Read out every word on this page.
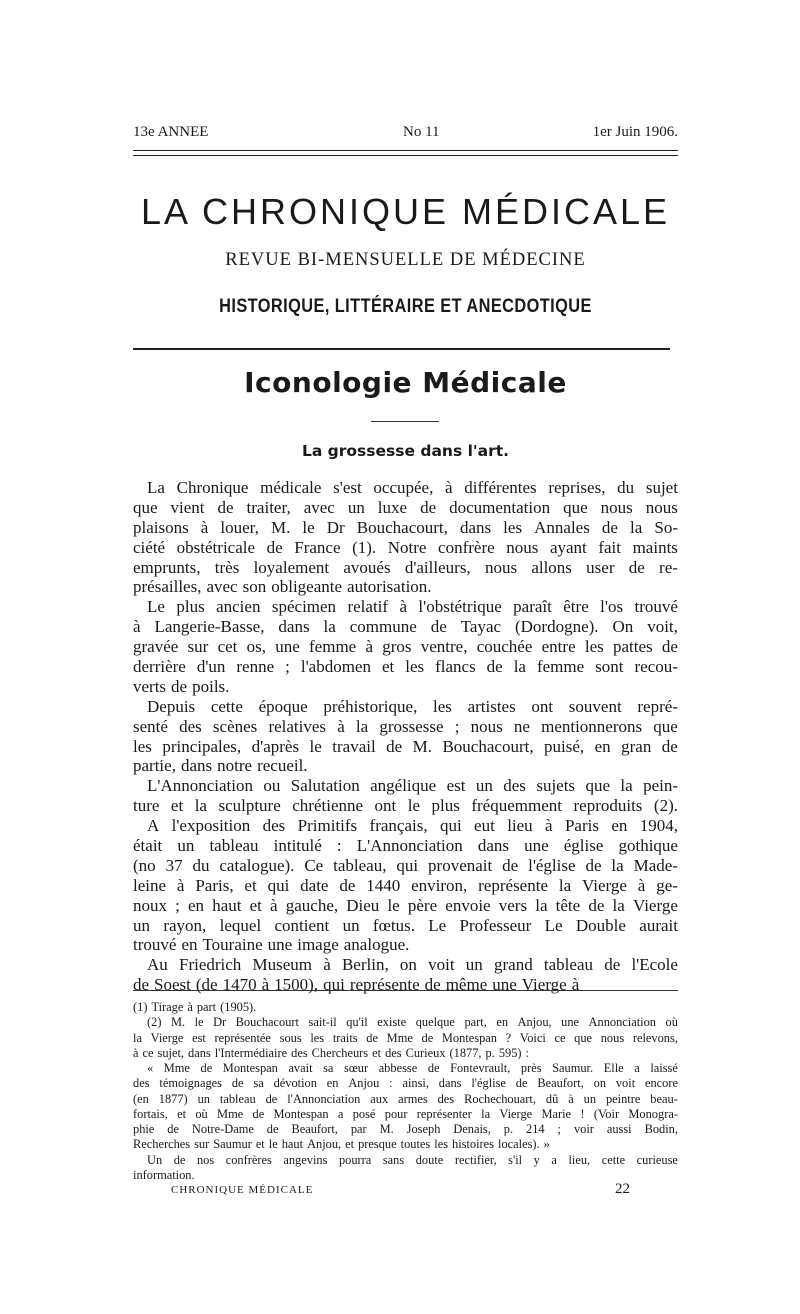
13e ANNEE	No 11	1er Juin 1906.
LA CHRONIQUE MÉDICALE
REVUE BI-MENSUELLE DE MÉDECINE
HISTORIQUE, LITTÉRAIRE ET ANECDOTIQUE
Iconologie Médicale
La grossesse dans l'art.
La Chronique médicale s'est occupée, à différentes reprises, du sujet
que vient de traiter, avec un luxe de documentation que nous nous
plaisons à louer, M. le Dr Bouchacourt, dans les Annales de la So-
ciété obstétricale de France (1). Notre confrère nous ayant fait maints
emprunts, très loyalement avoués d'ailleurs, nous allons user de re-
présailles, avec son obligeante autorisation.
Le plus ancien spécimen relatif à l'obstétrique paraît être l'os trouvé
à Langerie-Basse, dans la commune de Tayac (Dordogne). On voit,
gravée sur cet os, une femme à gros ventre, couchée entre les pattes de
derrière d'un renne ; l'abdomen et les flancs de la femme sont recou-
verts de poils.
Depuis cette époque préhistorique, les artistes ont souvent repré-
senté des scènes relatives à la grossesse ; nous ne mentionnerons que
les principales, d'après le travail de M. Bouchacourt, puisé, en gran de
partie, dans notre recueil.
L'Annonciation ou Salutation angélique est un des sujets que la pein-
ture et la sculpture chrétienne ont le plus fréquemment reproduits (2).
A l'exposition des Primitifs français, qui eut lieu à Paris en 1904,
était un tableau intitulé : L'Annonciation dans une église gothique
(no 37 du catalogue). Ce tableau, qui provenait de l'église de la Made-
leine à Paris, et qui date de 1440 environ, représente la Vierge à ge-
noux ; en haut et à gauche, Dieu le père envoie vers la tête de la Vierge
un rayon, lequel contient un fœtus. Le Professeur Le Double aurait
trouvé en Touraine une image analogue.
Au Friedrich Museum à Berlin, on voit un grand tableau de l'Ecole
de Soest (de 1470 à 1500), qui représente de même une Vierge à
(1) Tirage à part (1905).
(2) M. le Dr Bouchacourt sait-il qu'il existe quelque part, en Anjou, une Annonciation où
la Vierge est représentée sous les traits de Mme de Montespan ? Voici ce que nous relevons,
à ce sujet, dans l'Intermédiaire des Chercheurs et des Curieux (1877, p. 595) :
« Mme de Montespan avait sa sœur abbesse de Fontevrault, près Saumur. Elle a laissé
des témoignages de sa dévotion en Anjou : ainsi, dans l'église de Beaufort, on voit encore
(en 1877) un tableau de l'Annonciation aux armes des Rochechouart, dû à un peintre beau-
fortais, et où Mme de Montespan a posé pour représenter la Vierge Marie ! (Voir Monogra-
phie de Notre-Dame de Beaufort, par M. Joseph Denais, p. 214 ; voir aussi Bodin,
Recherches sur Saumur et le haut Anjou, et presque toutes les histoires locales). »
Un de nos confrères angevins pourra sans doute rectifier, s'il y a lieu, cette curieuse
information.
CHRONIQUE MÉDICALE	22
